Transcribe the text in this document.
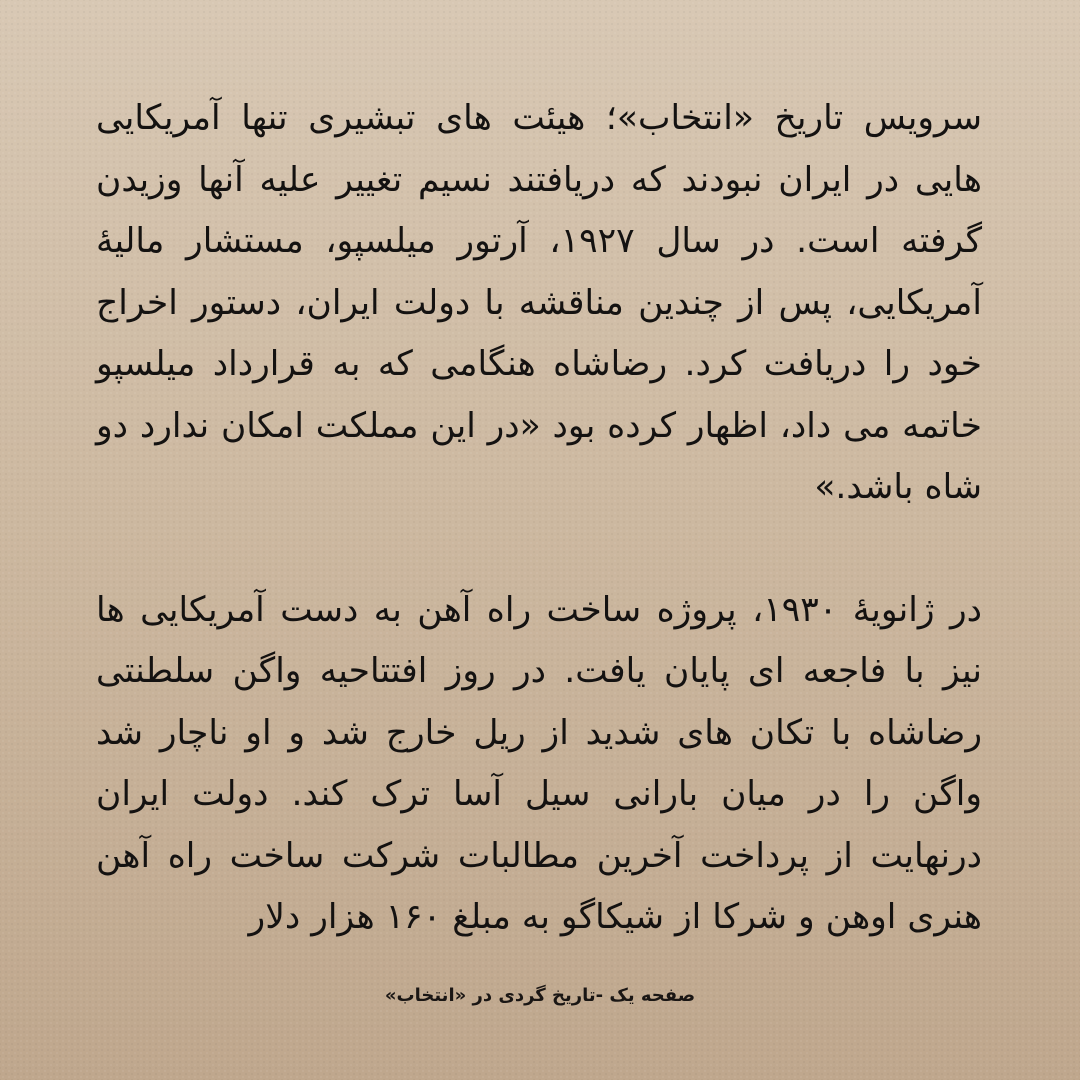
سرویس تاریخ «انتخاب»؛ هیئت های تبشیری تنها آمریکایی هایی در ایران نبودند که دریافتند نسیم تغییر علیه آنها وزیدن گرفته است. در سال ۱۹۲۷، آرتور میلسپو، مستشار مالیهٔ آمریکایی، پس از چندین مناقشه با دولت ایران، دستور اخراج خود را دریافت کرد. رضاشاه هنگامی که به قرارداد میلسپو خاتمه می داد، اظهار کرده بود «در این مملکت امکان ندارد دو شاه باشد.»

در ژانویهٔ ۱۹۳۰، پروژه ساخت راه آهن به دست آمریکایی ها نیز با فاجعه ای پایان یافت. در روز افتتاحیه واگن سلطنتی رضاشاه با تکان های شدید از ریل خارج شد و او ناچار شد واگن را در میان بارانی سیل آسا ترک کند. دولت ایران درنهایت از پرداخت آخرین مطالبات شرکت ساخت راه آهن هنری اوهن و شرکا از شیکاگو به مبلغ ۱۶۰ هزار دلار

صفحه یک -تاریخ گردی در «انتخاب»
